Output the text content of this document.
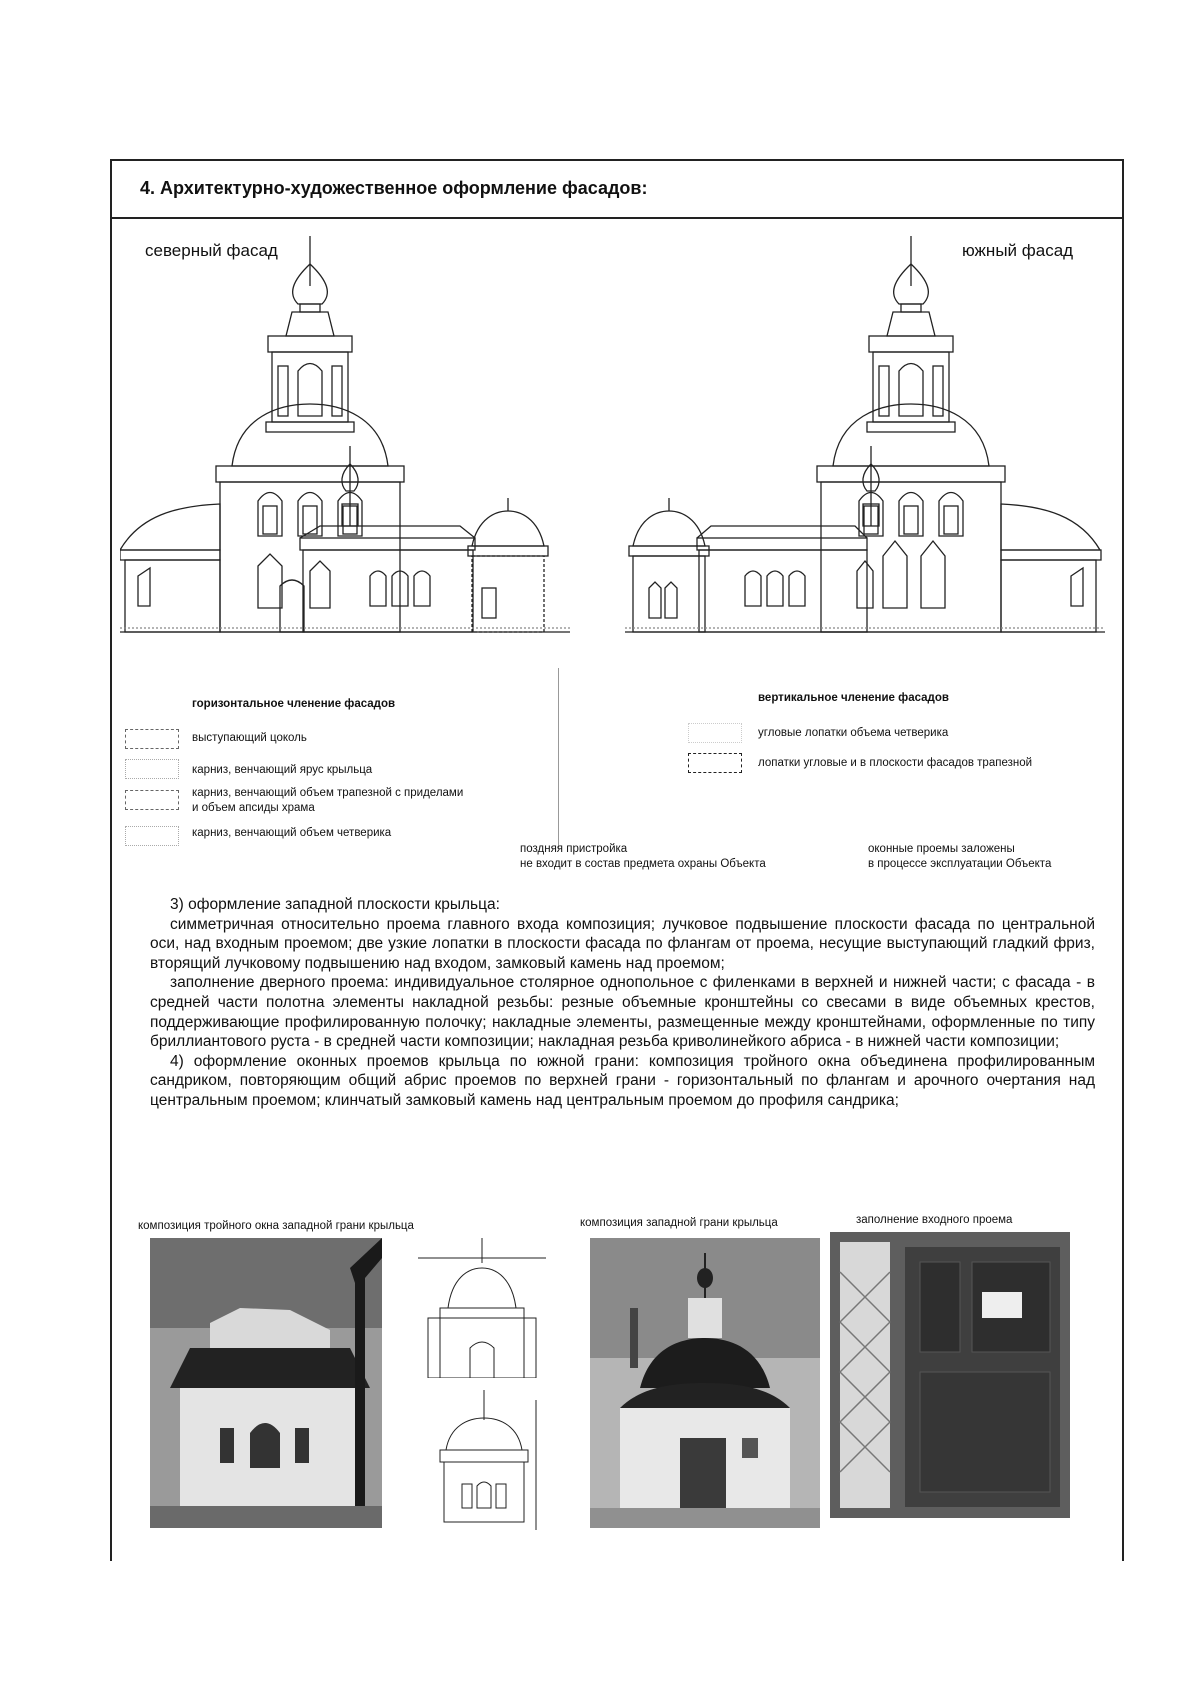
4. Архитектурно-художественное оформление фасадов:
северный фасад	южный фасад
горизонтальное членение фасадов
выступающий цоколь
карниз, венчающий ярус крыльца
карниз, венчающий объем трапезной с приделами
и объем апсиды храма
карниз, венчающий объем четверика
вертикальное членение фасадов
угловые лопатки объема четверика
лопатки угловые и в плоскости фасадов трапезной
поздняя пристройка
не входит в состав предмета охраны Объекта
оконные проемы заложены
в процессе эксплуатации Объекта

3) оформление западной плоскости крыльца:

симметричная относительно проема главного входа композиция; лучковое подвышение плоскости фасада по центральной оси, над входным проемом; две узкие лопатки в плоскости фасада по флангам от проема, несущие выступающий гладкий фриз, вторящий лучковому подвышению над входом, замковый камень над проемом;

заполнение дверного проема: индивидуальное столярное однопольное с филенками в верхней и нижней части; с фасада - в средней части полотна элементы накладной резьбы: резные объемные кронштейны со свесами в виде объемных крестов, поддерживающие профилированную полочку; накладные элементы, размещенные между кронштейнами, оформленные по типу бриллиантового руста - в средней части композиции; накладная резьба криволинейкого абриса - в нижней части композиции;

4) оформление оконных проемов крыльца по южной грани: композиция тройного окна объединена профилированным сандриком, повторяющим общий абрис проемов по верхней грани - горизонтальный по флангам и арочного очертания над центральным проемом; клинчатый замковый камень над центральным проемом до профиля сандрика;

композиция тройного окна западной грани крыльца	композиция западной грани крыльца	заполнение входного проема
